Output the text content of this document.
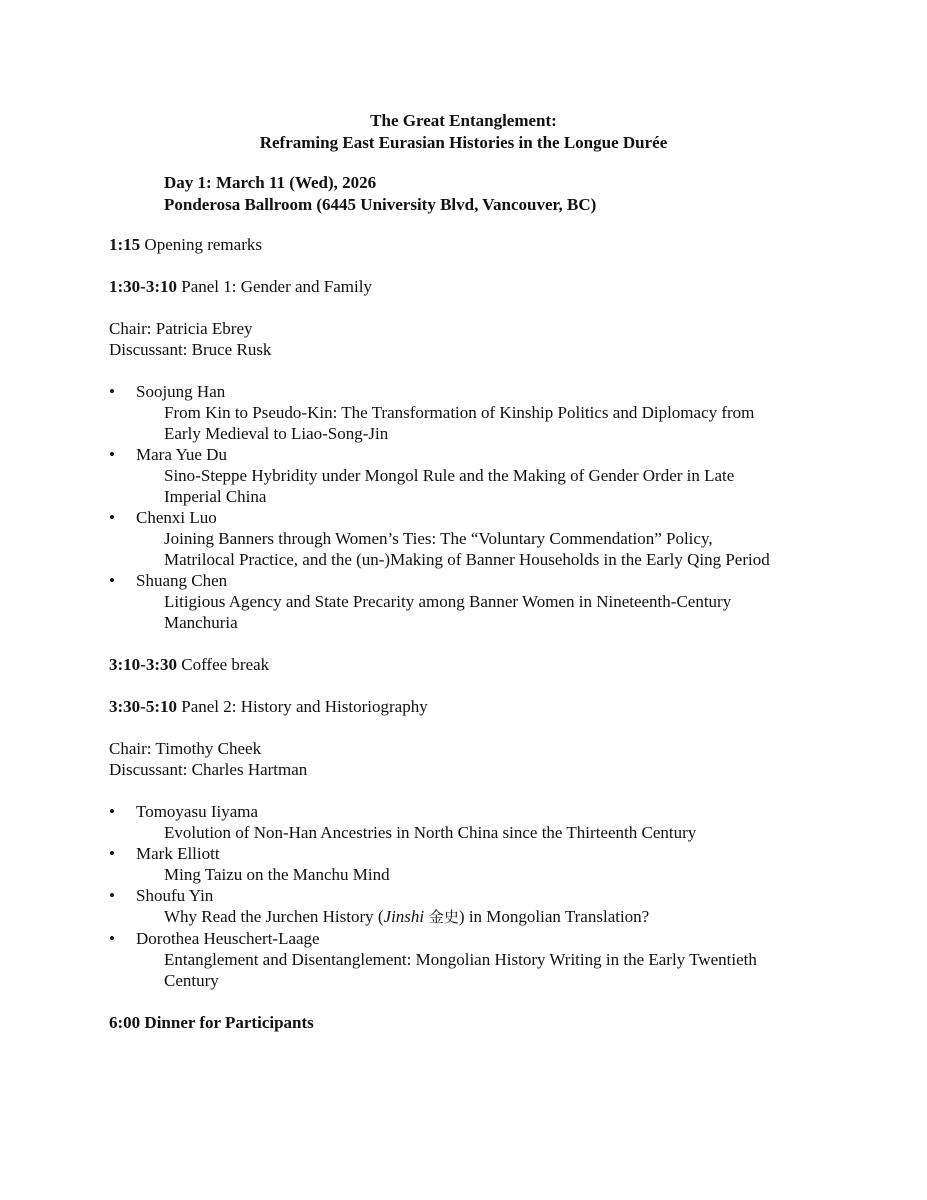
The Great Entanglement:
Reframing East Eurasian Histories in the Longue Durée
Day 1: March 11 (Wed), 2026
Ponderosa Ballroom (6445 University Blvd, Vancouver, BC)
1:15 Opening remarks
1:30-3:10 Panel 1: Gender and Family
Chair: Patricia Ebrey
Discussant: Bruce Rusk
• Soojung Han
From Kin to Pseudo-Kin: The Transformation of Kinship Politics and Diplomacy from
Early Medieval to Liao-Song-Jin
• Mara Yue Du
Sino-Steppe Hybridity under Mongol Rule and the Making of Gender Order in Late
Imperial China
• Chenxi Luo
Joining Banners through Women’s Ties: The “Voluntary Commendation” Policy,
Matrilocal Practice, and the (un-)Making of Banner Households in the Early Qing Period
• Shuang Chen
Litigious Agency and State Precarity among Banner Women in Nineteenth-Century
Manchuria
3:10-3:30 Coffee break
3:30-5:10 Panel 2: History and Historiography
Chair: Timothy Cheek
Discussant: Charles Hartman
• Tomoyasu Iiyama
Evolution of Non-Han Ancestries in North China since the Thirteenth Century
• Mark Elliott
Ming Taizu on the Manchu Mind
• Shoufu Yin
Why Read the Jurchen History (Jinshi 金史) in Mongolian Translation?
• Dorothea Heuschert-Laage
Entanglement and Disentanglement: Mongolian History Writing in the Early Twentieth
Century
6:00 Dinner for Participants
